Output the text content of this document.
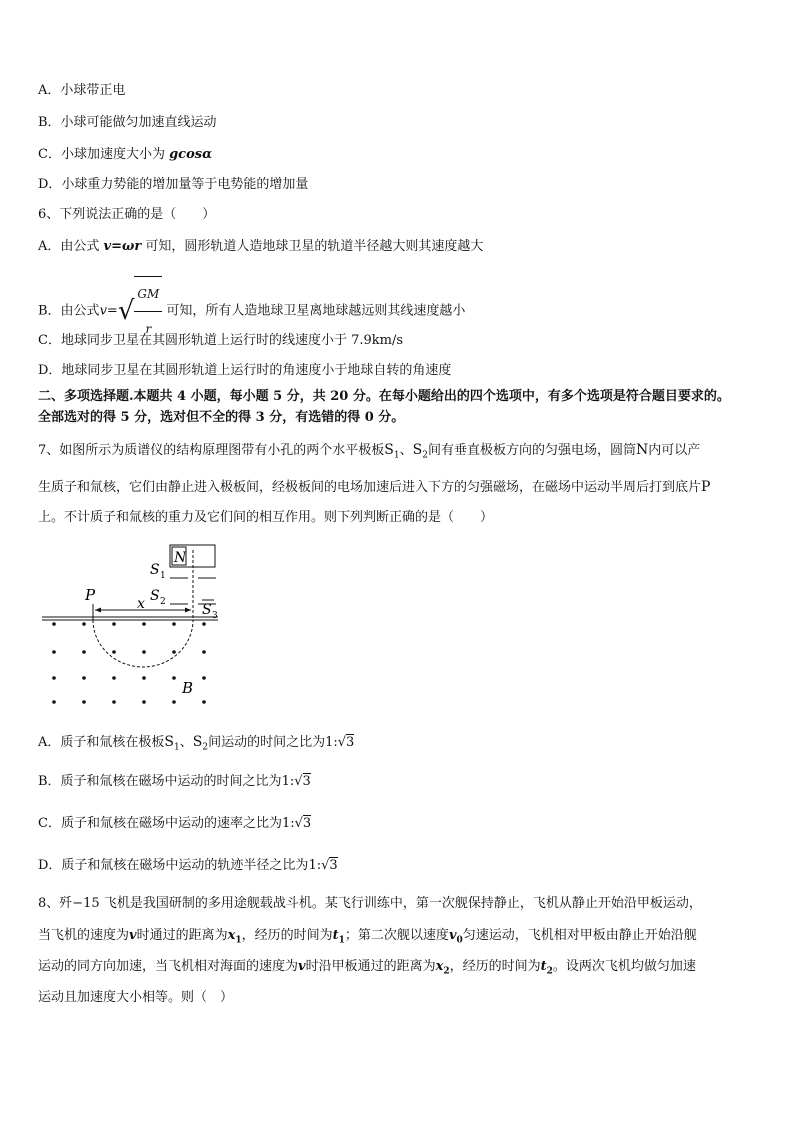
A．小球带正电
B．小球可能做匀加速直线运动
C．小球加速度大小为 gcosα
D．小球重力势能的增加量等于电势能的增加量
6、下列说法正确的是（　　）
A．由公式 v=ωr 可知，圆形轨道人造地球卫星的轨道半径越大则其速度越大
B．由公式$v=√ \frac{GM}{r}$ 可知，所有人造地球卫星离地球越远则其线速度越小
C．地球同步卫星在其圆形轨道上运行时的线速度小于 7.9km/s
D．地球同步卫星在其圆形轨道上运行时的角速度小于地球自转的角速度
二、多项选择题.本题共 4 小题，每小题 5 分，共 20 分。在每小题给出的四个选项中，有多个选项是符合题目要求的。
全部选对的得 5 分，选对但不全的得 3 分，有选错的得 0 分。
7、如图所示为质谱仪的结构原理图带有小孔的两个水平极板$S_1$、$S_2$间有垂直极板方向的匀强电场，圆筒N内可以产
生质子和氚核，它们由静止进入极板间，经极板间的电场加速后进入下方的匀强磁场，在磁场中运动半周后打到底片P
上。不计质子和氚核的重力及它们间的相互作用。则下列判断正确的是（　　）
N
S 1
S 2	S 3
P	x
B
A．质子和氚核在极板$S_1$、$S_2$间运动的时间之比为1:√3
B．质子和氚核在磁场中运动的时间之比为1:√3
C．质子和氚核在磁场中运动的速率之比为1:√3
D．质子和氚核在磁场中运动的轨迹半径之比为1:√3
8、歼−15 飞机是我国研制的多用途舰载战斗机。某飞行训练中，第一次舰保持静止，飞机从静止开始沿甲板运动，
当飞机的速度为v时通过的距离为$x_1$，经历的时间为$t_1$；第二次舰以速度$v_0$匀速运动，飞机相对甲板由静止开始沿舰
运动的同方向加速，当飞机相对海面的速度为v时沿甲板通过的距离为$x_2$，经历的时间为$t_2$。设两次飞机均做匀加速
运动且加速度大小相等。则（　）
